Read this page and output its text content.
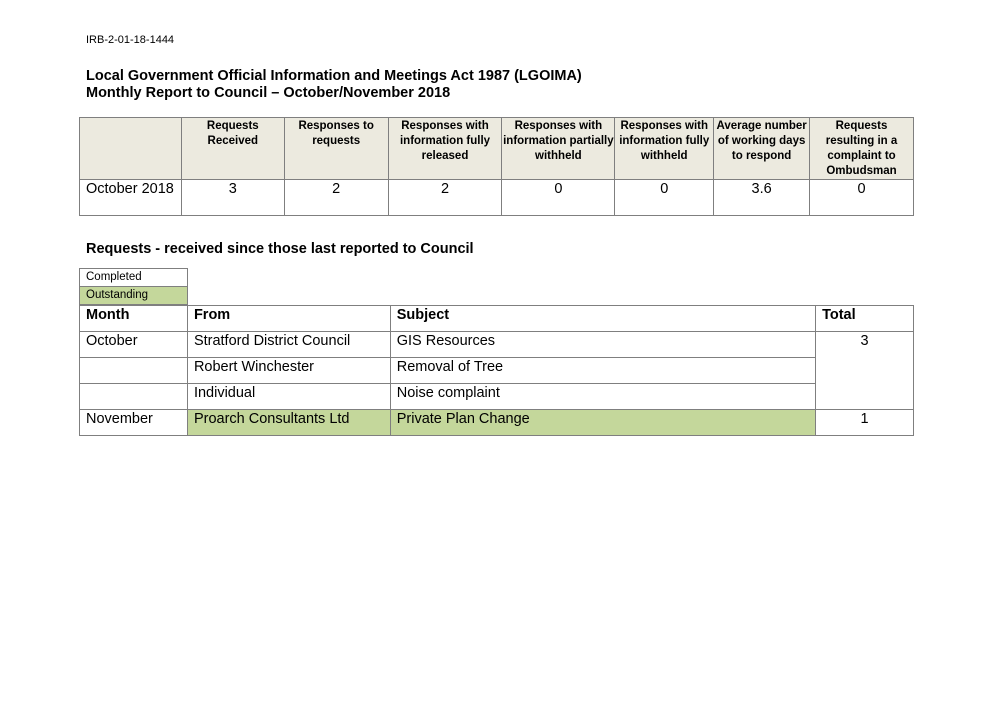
IRB-2-01-18-1444
Local Government Official Information and Meetings Act 1987 (LGOIMA)
Monthly Report to Council – October/November 2018
	Requests Received	Responses to requests	Responses with information fully released	Responses with information partially withheld	Responses with information fully withheld	Average number of working days to respond	Requests resulting in a complaint to Ombudsman
October 2018	3	2	2	0	0	3.6	0
Requests - received since those last reported to Council
Completed
Outstanding
Month	From	Subject	Total
October	Stratford District Council	GIS Resources	3
	Robert Winchester	Removal of Tree	
	Individual	Noise complaint	
November	Proarch Consultants Ltd	Private Plan Change	1
